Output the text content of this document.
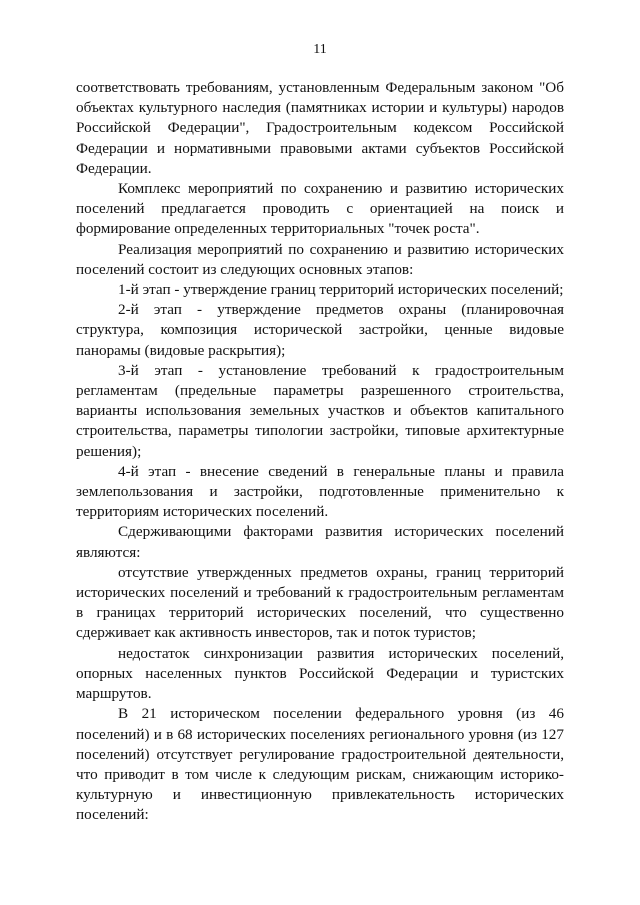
11

соответствовать требованиям, установленным Федеральным законом "Об объектах культурного наследия (памятниках истории и культуры) народов Российской Федерации", Градостроительным кодексом Российской Федерации и нормативными правовыми актами субъектов Российской Федерации.

Комплекс мероприятий по сохранению и развитию исторических поселений предлагается проводить с ориентацией на поиск и формирование определенных территориальных "точек роста".

Реализация мероприятий по сохранению и развитию исторических поселений состоит из следующих основных этапов:

1-й этап - утверждение границ территорий исторических поселений;

2-й этап - утверждение предметов охраны (планировочная структура, композиция исторической застройки, ценные видовые панорамы (видовые раскрытия);

3-й этап - установление требований к градостроительным регламентам (предельные параметры разрешенного строительства, варианты использования земельных участков и объектов капитального строительства, параметры типологии застройки, типовые архитектурные решения);

4-й этап - внесение сведений в генеральные планы и правила землепользования и застройки, подготовленные применительно к территориям исторических поселений.

Сдерживающими факторами развития исторических поселений являются:

отсутствие утвержденных предметов охраны, границ территорий исторических поселений и требований к градостроительным регламентам в границах территорий исторических поселений, что существенно сдерживает как активность инвесторов, так и поток туристов;

недостаток синхронизации развития исторических поселений, опорных населенных пунктов Российской Федерации и туристских маршрутов.

В 21 историческом поселении федерального уровня (из 46 поселений) и в 68 исторических поселениях регионального уровня (из 127 поселений) отсутствует регулирование градостроительной деятельности, что приводит в том числе к следующим рискам, снижающим историко-культурную и инвестиционную привлекательность исторических поселений:
